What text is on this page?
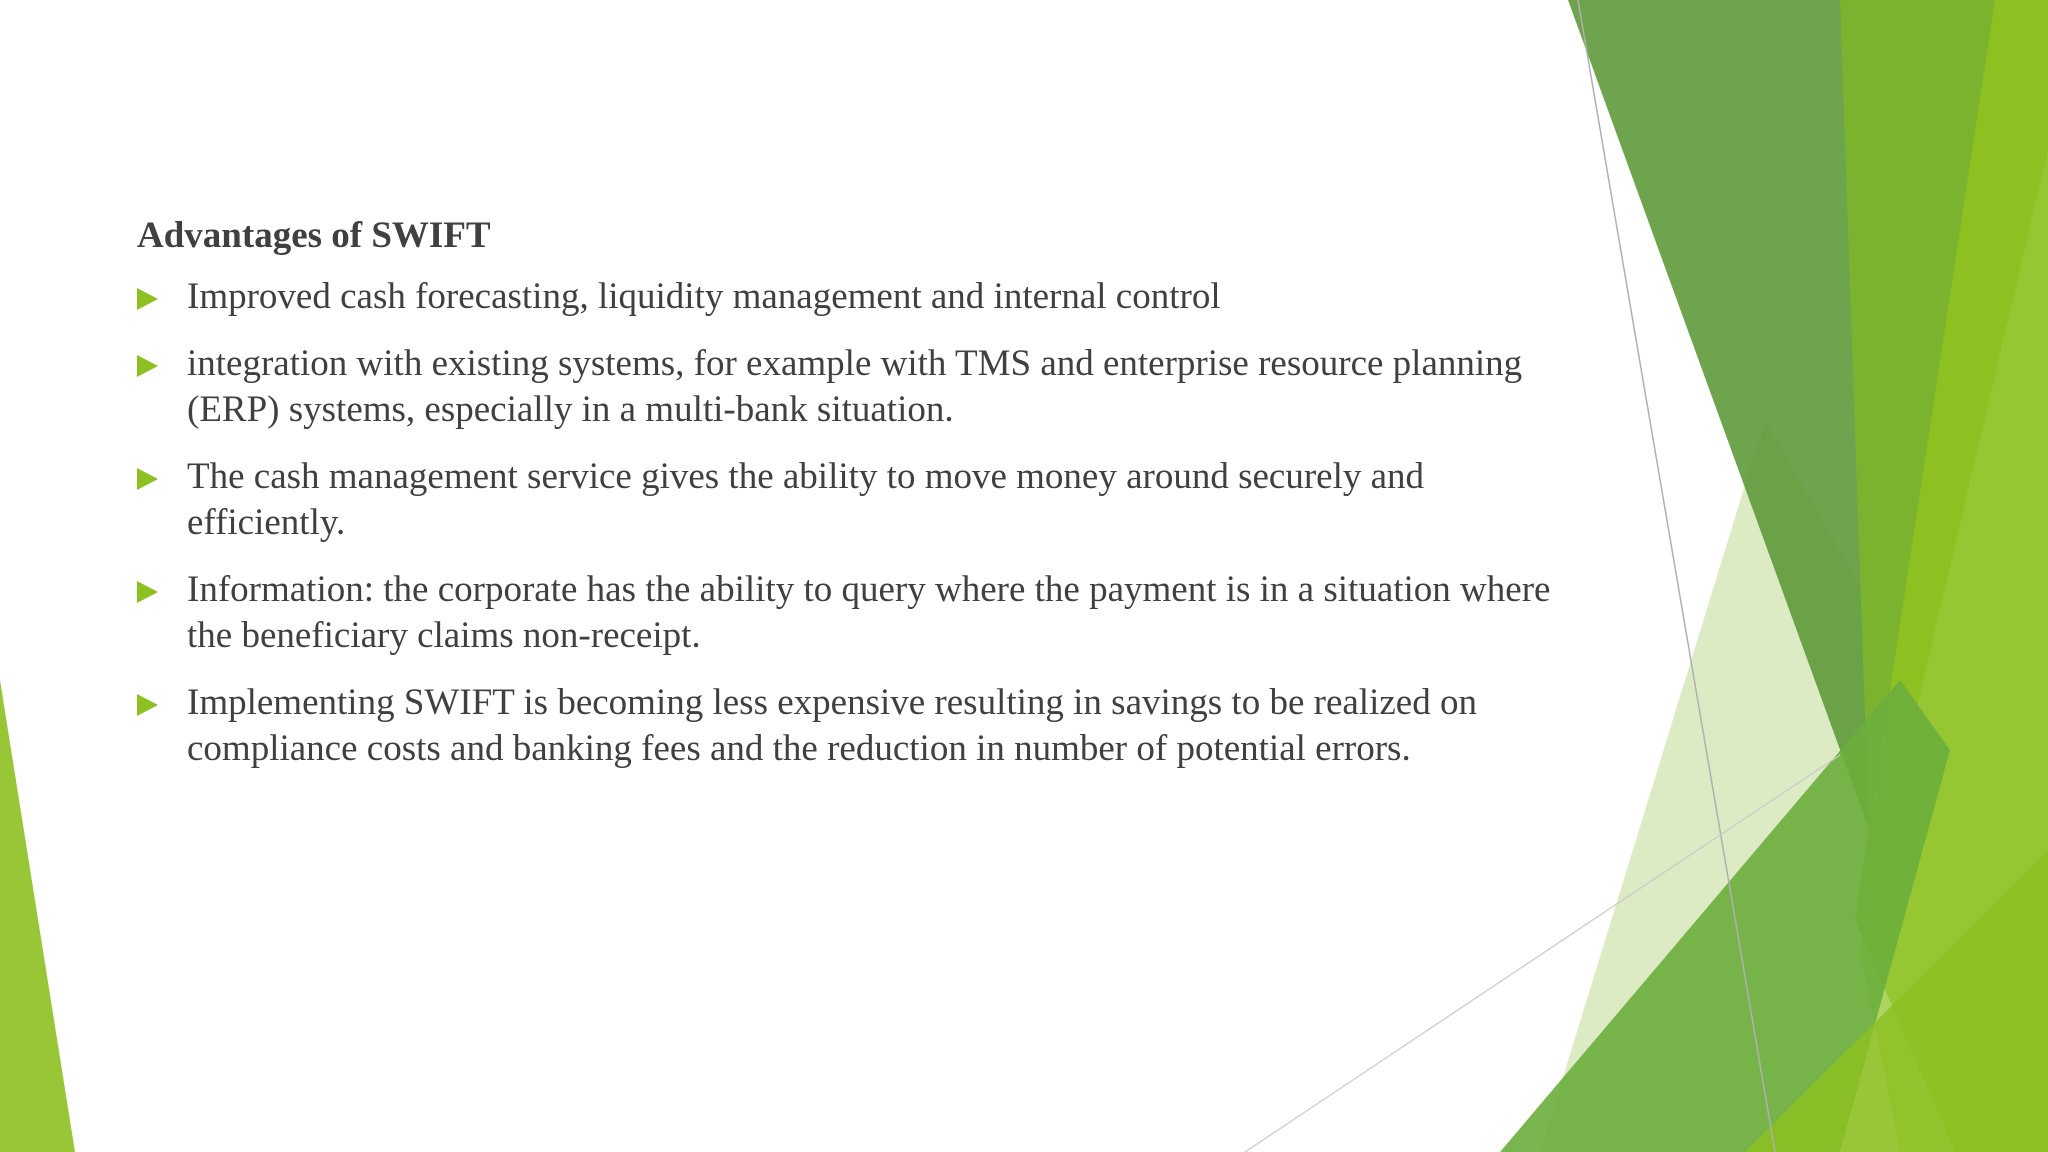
Advantages of SWIFT
Improved cash forecasting, liquidity management and internal control
integration with existing systems, for example with TMS and enterprise resource planning (ERP) systems, especially in a multi-bank situation.
The cash management service gives the ability to move money around securely and efficiently.
Information: the corporate has the ability to query where the payment is in a situation where the beneficiary claims non-receipt.
Implementing SWIFT is becoming less expensive resulting in savings to be realized on compliance costs and banking fees and the reduction in number of potential errors.
